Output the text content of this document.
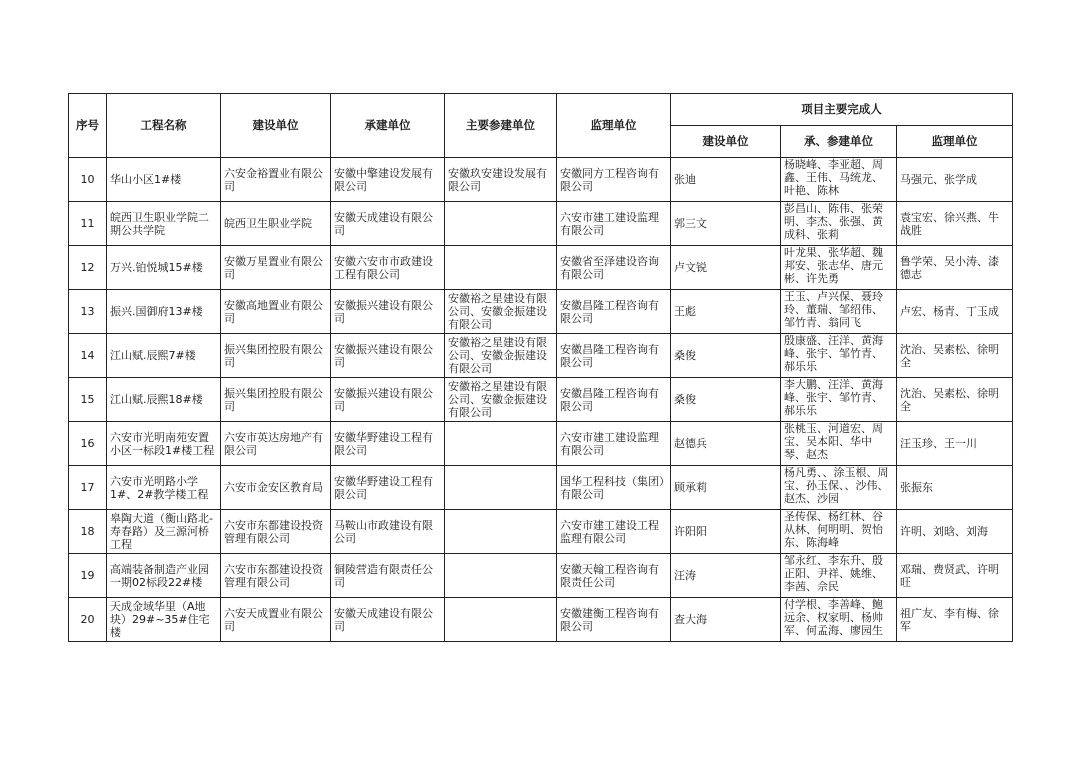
序号	工程名称	建设单位	承建单位	主要参建单位	监理单位	项目主要完成人		
						建设单位	承、参建单位	监理单位

10	华山小区1#楼	六安金裕置业有限公司	安徽中擎建设发展有限公司	安徽玖安建设发展有限公司	安徽同方工程咨询有限公司	张迪	杨晓峰、李亚超、周鑫、王伟、马统龙、叶艳、陈林	马强元、张学成

11	皖西卫生职业学院二期公共学院	皖西卫生职业学院	安徽天成建设有限公司		六安市建工建设监理有限公司	郭三文	彭昌山、陈伟、张荣明、李杰、张强、黄成科、张莉	袁宝宏、徐兴燕、牛战胜

12	万兴.铂悦城15#楼	安徽万星置业有限公司	安徽六安市市政建设工程有限公司		安徽省至泽建设咨询有限公司	卢文锐	叶龙果、张华超、魏邦安、张志华、唐元彬、许先勇	鲁学荣、吴小涛、漆德志

13	振兴.国御府13#楼	安徽高地置业有限公司	安徽振兴建设有限公司	安徽裕之星建设有限公司、安徽金振建设有限公司	安徽昌隆工程咨询有限公司	王彪	王玉、卢兴保、聂玲玲、董瑞、邹绍伟、邹竹青、翁同飞	卢宏、杨青、丁玉成

14	江山赋.辰熙7#楼	振兴集团控股有限公司	安徽振兴建设有限公司	安徽裕之星建设有限公司、安徽金振建设有限公司	安徽昌隆工程咨询有限公司	桑俊	殷康盛、汪洋、黄海峰、张宇、邹竹青、郝乐乐	沈治、吴素松、徐明全

15	江山赋.辰熙18#楼	振兴集团控股有限公司	安徽振兴建设有限公司	安徽裕之星建设有限公司、安徽金振建设有限公司	安徽昌隆工程咨询有限公司	桑俊	李大鹏、汪洋、黄海峰、张宇、邹竹青、郝乐乐	沈治、吴素松、徐明全

16	六安市光明南苑安置小区一标段1#楼工程	六安市英达房地产有限公司	安徽华野建设工程有限公司		六安市建工建设监理有限公司	赵德兵	张桃玉、河道宏、周宝、吴本阳、华中琴、赵杰	汪玉珍、王一川

17	六安市光明路小学1#、2#教学楼工程	六安市金安区教育局	安徽华野建设工程有限公司		国华工程科技（集团）有限公司	顾承莉	杨凡勇、、涂玉根、周宝、孙玉保、、沙伟、赵杰、沙园	张振东

18	皋陶大道（衡山路北-寿春路）及三源河桥工程	六安市东都建设投资管理有限公司	马鞍山市政建设有限公司		六安市建工建设工程监理有限公司	许阳阳	圣传保、杨红林、谷从林、何明明、贺怡东、陈海峰	许明、刘晗、刘海

19	高端装备制造产业园一期02标段22#楼	六安市东都建设投资管理有限公司	铜陵营造有限责任公司		安徽天翰工程咨询有限责任公司	汪涛	邹永红、李东升、殷正阳、尹祥、姚维、李茜、佘民	邓瑞、费贤武、许明旺

20	天成金域华里（A地块）29#~35#住宅楼	六安天成置业有限公司	安徽天成建设有限公司		安徽建衡工程咨询有限公司	查大海	付学根、李善峰、鲍远余、权家明、杨帅军、何孟海、廖园生	祖广友、李有梅、徐军
